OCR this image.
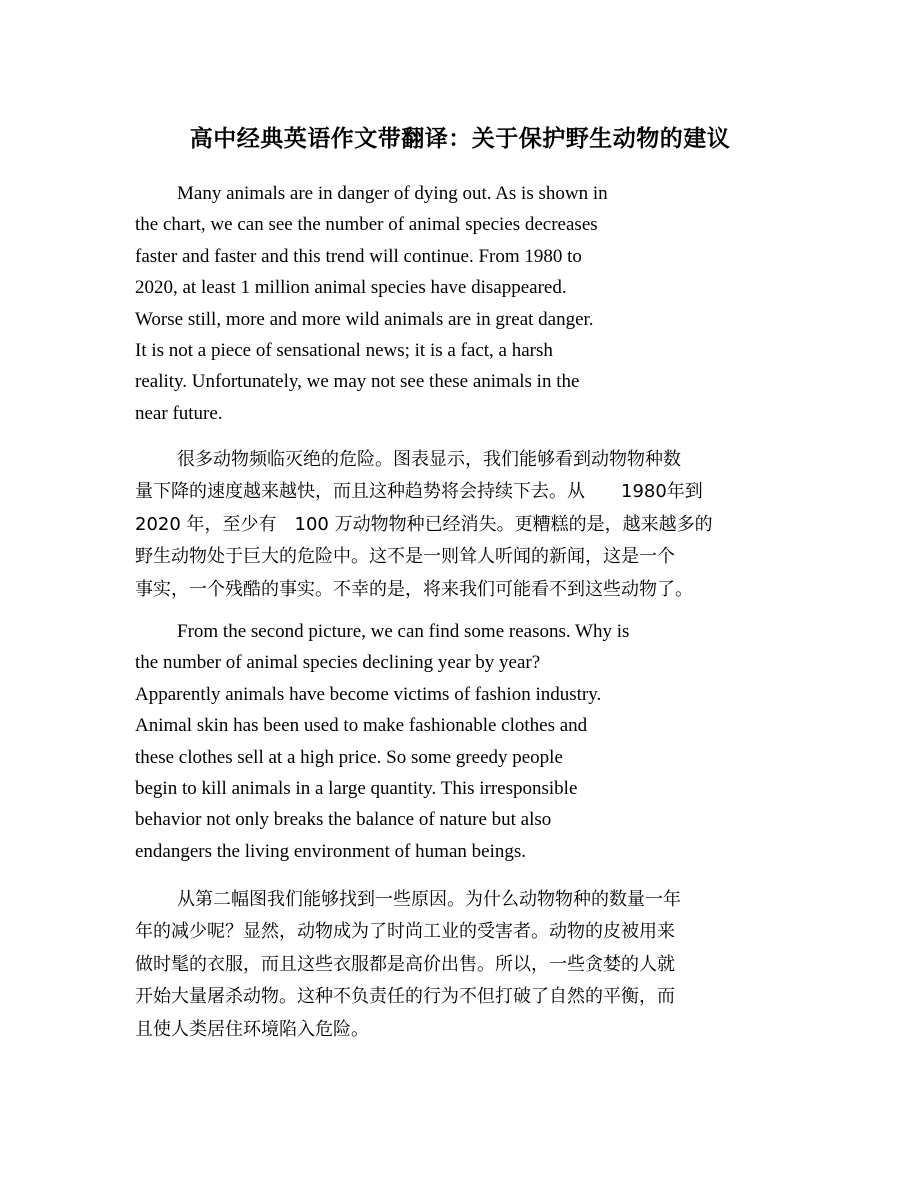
高中经典英语作文带翻译：关于保护野生动物的建议
Many animals are in danger of dying out. As is shown in
the chart, we can see the number of animal species decreases
faster and faster and this trend will continue. From 1980 to
2020, at least 1 million animal species have disappeared.
Worse still, more and more wild animals are in great danger.
It is not a piece of sensational news; it is a fact, a harsh
reality. Unfortunately, we may not see these animals in the
near future.
很多动物频临灭绝的危险。图表显示，我们能够看到动物物种数
量下降的速度越来越快，而且这种趋势将会持续下去。从　　1980年到
2020 年，至少有　100 万动物物种已经消失。更糟糕的是，越来越多的
野生动物处于巨大的危险中。这不是一则耸人听闻的新闻，这是一个
事实，一个残酷的事实。不幸的是，将来我们可能看不到这些动物了。
From the second picture, we can find some reasons. Why is
the number of animal species declining year by year?
Apparently animals have become victims of fashion industry.
Animal skin has been used to make fashionable clothes and
these clothes sell at a high price. So some greedy people
begin to kill animals in a large quantity. This irresponsible
behavior not only breaks the balance of nature but also
endangers the living environment of human beings.
从第二幅图我们能够找到一些原因。为什么动物物种的数量一年
年的减少呢？显然，动物成为了时尚工业的受害者。动物的皮被用来
做时髦的衣服，而且这些衣服都是高价出售。所以，一些贪婪的人就
开始大量屠杀动物。这种不负责任的行为不但打破了自然的平衡，而
且使人类居住环境陷入危险。
